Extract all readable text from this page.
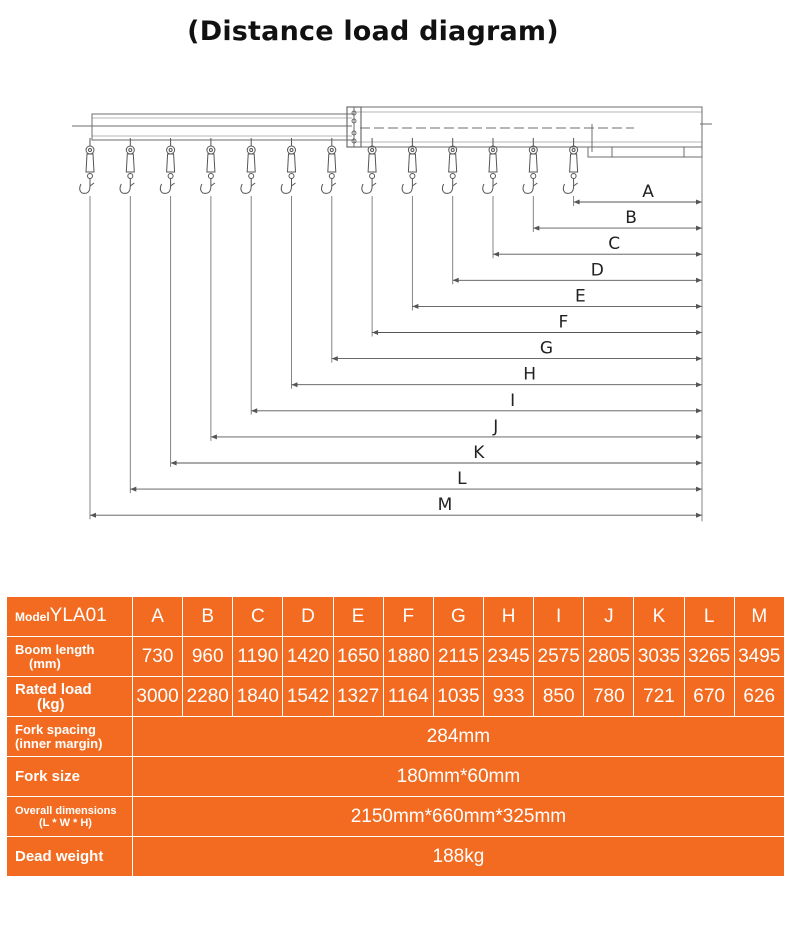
(Distance load diagram)
A
B
C
D
E
F
G
H
I
J
K
L
M
ModelYLA01	A	B	C	D	E	F	G	H	I	J	K	L	M

Boom length
(mm)	730	960	1190	1420	1650	1880	2115	2345	2575	2805	3035	3265	3495

Rated load
(kg)	3000	2280	1840	1542	1327	1164	1035	933	850	780	721	670	626

Fork spacing
(inner margin)	284mm												
Fork size	180mm*60mm												

Overall dimensions
(L * W * H)	2150mm*660mm*325mm												
Dead weight	188kg												
